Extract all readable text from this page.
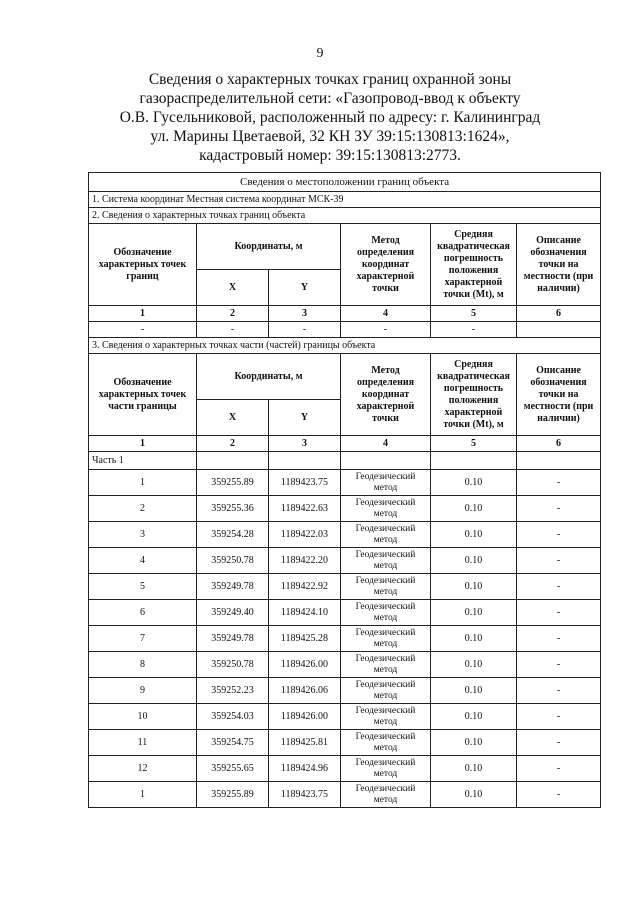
9
Сведения о характерных точках границ охранной зоны
газораспределительной сети: «Газопровод-ввод к объекту
О.В. Гусельниковой, расположенный по адресу: г. Калининград
ул. Марины Цветаевой, 32 КН ЗУ 39:15:130813:1624»,
кадастровый номер: 39:15:130813:2773.
Сведения о местоположении границ объекта					
1. Система координат Местная система координат МСК-39					
2. Сведения о характерных точках границ объекта					
Обозначение характерных точек границ	Координаты, м		Метод определения координат характерной точки	Средняя квадратическая погрешность положения характерной точки (Mt), м	Описание обозначения точки на местности (при наличии)
	X	Y			
1	2	3	4	5	6
-	-	-	-	-	
3. Сведения о характерных точках части (частей) границы объекта					
Обозначение характерных точек части границы	Координаты, м		Метод определения координат характерной точки	Средняя квадратическая погрешность положения характерной точки (Mt), м	Описание обозначения точки на местности (при наличии)
	X	Y			
1	2	3	4	5	6
Часть 1					
1	359255.89	1189423.75	Геодезический метод	0.10	-
2	359255.36	1189422.63	Геодезический метод	0.10	-
3	359254.28	1189422.03	Геодезический метод	0.10	-
4	359250.78	1189422.20	Геодезический метод	0.10	-
5	359249.78	1189422.92	Геодезический метод	0.10	-
6	359249.40	1189424.10	Геодезический метод	0.10	-
7	359249.78	1189425.28	Геодезический метод	0.10	-
8	359250.78	1189426.00	Геодезический метод	0.10	-
9	359252.23	1189426.06	Геодезический метод	0.10	-
10	359254.03	1189426.00	Геодезический метод	0.10	-
11	359254.75	1189425.81	Геодезический метод	0.10	-
12	359255.65	1189424.96	Геодезический метод	0.10	-
1	359255.89	1189423.75	Геодезический метод	0.10	-
